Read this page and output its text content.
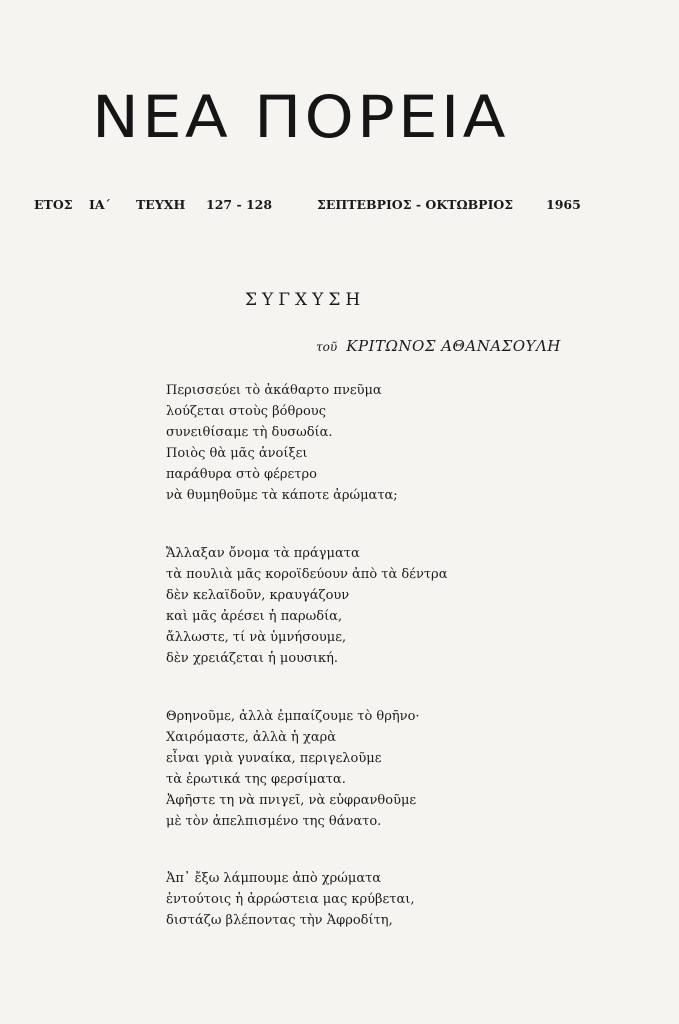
ΝΕΑ ΠΟΡΕΙΑ
ΕΤΟΣ ΙΑ΄ ΤΕΥΧΗ 127 - 128	ΣΕΠΤΕΒΡΙΟΣ - ΟΚΤΩΒΡΙΟΣ	1965
ΣΥΓΧΥΣΗ
τοῦ ΚΡΙΤΩΝΟΣ ΑΘΑΝΑΣΟΥΛΗ
Περισσεύει τὸ ἀκάθαρτο πνεῦμα
λούζεται στοὺς βόθρους
συνειθίσαμε τὴ δυσωδία.
Ποιὸς θὰ μᾶς ἀνοίξει
παράθυρα στὸ φέρετρο
νὰ θυμηθοῦμε τὰ κάποτε ἀρώματα;
Ἄλλαξαν ὄνομα τὰ πράγματα
τὰ πουλιὰ μᾶς κοροϊδεύουν ἀπὸ τὰ δέντρα
δὲν κελαϊδοῦν, κραυγάζουν
καὶ μᾶς ἀρέσει ἡ παρωδία,
ἄλλωστε, τί νὰ ὑμνήσουμε,
δὲν χρειάζεται ἡ μουσική.
Θρηνοῦμε, ἀλλὰ ἐμπαίζουμε τὸ θρῆνο·
Χαιρόμαστε, ἀλλὰ ἡ χαρὰ
εἶναι γριὰ γυναίκα, περιγελοῦμε
τὰ ἐρωτικά της φερσίματα.
Ἀφῆστε τη νὰ πνιγεῖ, νὰ εὐφρανθοῦμε
μὲ τὸν ἀπελπισμένο της θάνατο.
Ἀπ᾽ ἔξω λάμπουμε ἀπὸ χρώματα
ἐντούτοις ἡ ἀρρώστεια μας κρύβεται,
διστάζω βλέποντας τὴν Ἀφροδίτη,
